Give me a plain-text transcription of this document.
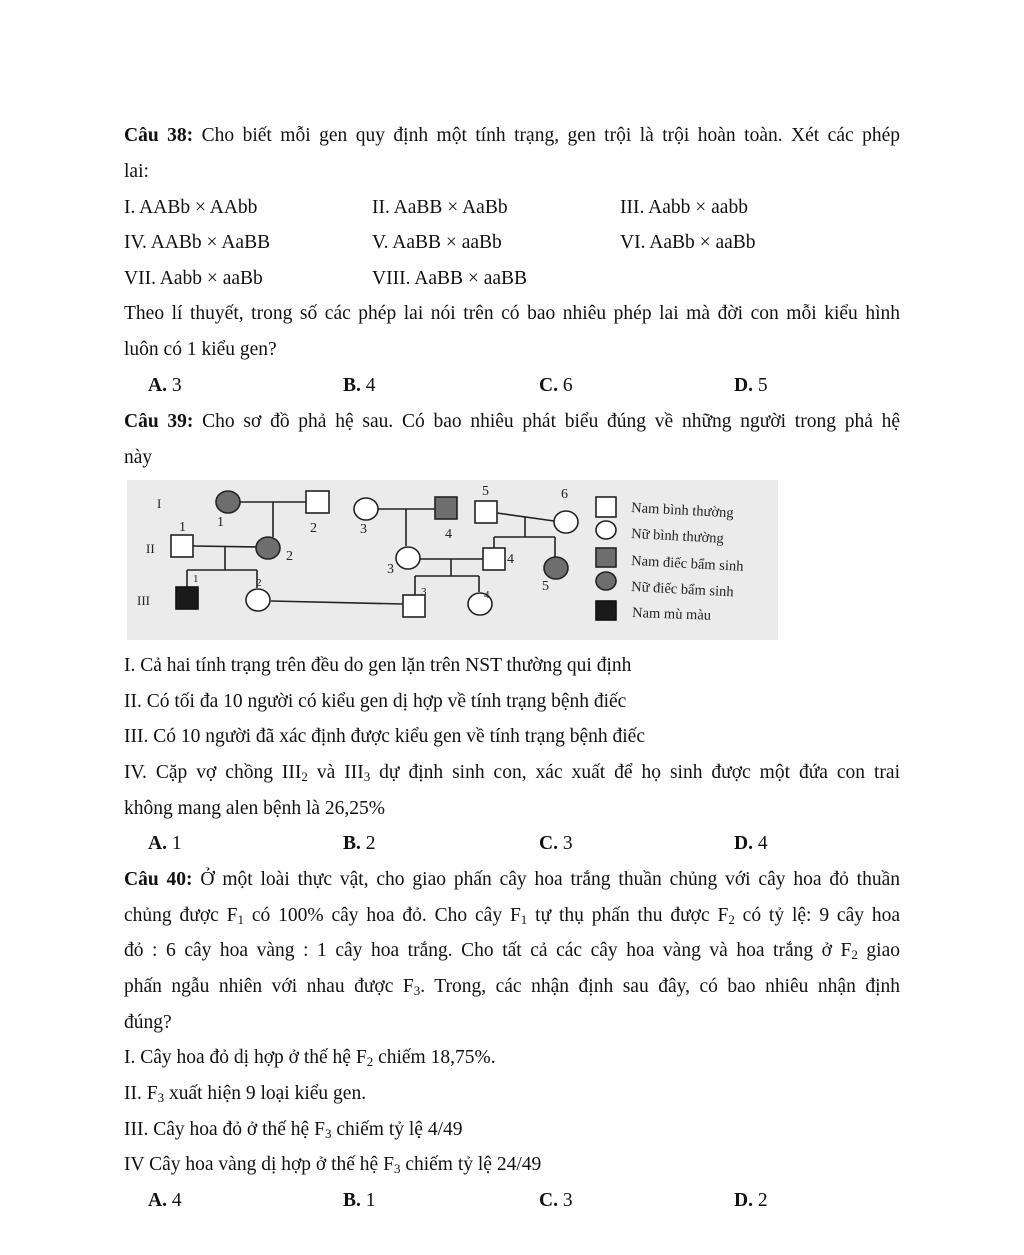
Câu 38: Cho biết mỗi gen quy định một tính trạng, gen trội là trội hoàn toàn. Xét các phép
lai:
I. AABb × AAbb	II. AaBB × AaBb	III. Aabb × aabb
IV. AABb × AaBB	V. AaBB × aaBb	VI. AaBb × aaBb
VII. Aabb × aaBb	VIII. AaBB × aaBB
Theo lí thuyết, trong số các phép lai nói trên có bao nhiêu phép lai mà đời con mỗi kiểu hình
luôn có 1 kiểu gen?
A. 3	B. 4	C. 6	D. 5
Câu 39: Cho sơ đồ phả hệ sau. Có bao nhiêu phát biểu đúng về những người trong phả hệ
này
I
II
III
1 1	2	3	4
5	6
2
3
4
5
1	2
3	4
Nam bình thường
Nữ bình thường
Nam điếc bẩm sinh
Nữ điếc bẩm sinh
Nam mù màu
I. Cả hai tính trạng trên đều do gen lặn trên NST thường qui định
II. Có tối đa 10 người có kiểu gen dị hợp về tính trạng bệnh điếc
III. Có 10 người đã xác định được kiểu gen về tính trạng bệnh điếc
IV. Cặp vợ chồng $III_2$ và $III_3$ dự định sinh con, xác xuất để họ sinh được một đứa con trai
không mang alen bệnh là 26,25%
A. 1	B. 2	C. 3	D. 4
Câu 40: Ở một loài thực vật, cho giao phấn cây hoa trắng thuần chủng với cây hoa đỏ thuần
chủng được $F_1$ có 100% cây hoa đỏ. Cho cây $F_1$ tự thụ phấn thu được $F_2$ có tỷ lệ: 9 cây hoa
đỏ : 6 cây hoa vàng : 1 cây hoa trắng. Cho tất cả các cây hoa vàng và hoa trắng ở $F_2$ giao
phấn ngẫu nhiên với nhau được $F_3$. Trong, các nhận định sau đây, có bao nhiêu nhận định
đúng?
I. Cây hoa đỏ dị hợp ở thế hệ $F_2$ chiếm 18,75%.
II. $F_3$ xuất hiện 9 loại kiểu gen.
III. Cây hoa đỏ ở thế hệ $F_3$ chiếm tỷ lệ 4/49
IV Cây hoa vàng dị hợp ở thế hệ $F_3$ chiếm tỷ lệ 24/49
A. 4	B. 1	C. 3	D. 2
